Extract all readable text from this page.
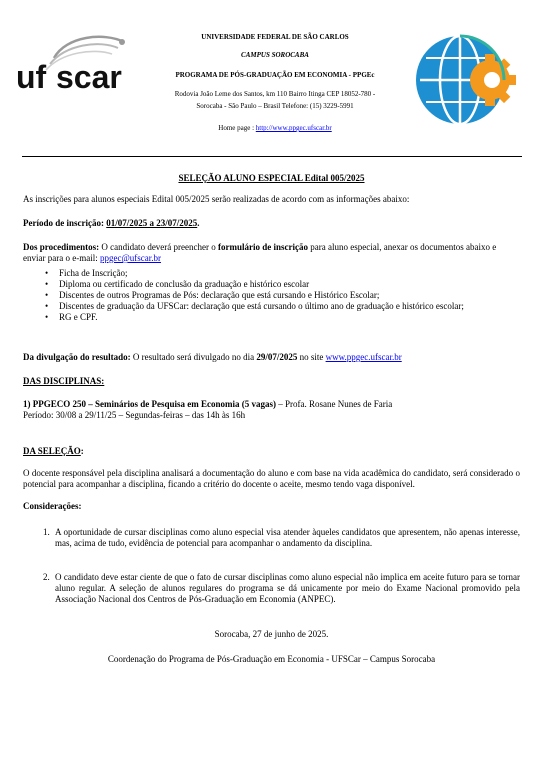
uf scar
UNIVERSIDADE FEDERAL DE SÃO CARLOS
CAMPUS SOROCABA
PROGRAMA DE PÓS-GRADUAÇÃO EM ECONOMIA - PPGEc
Rodovia João Leme dos Santos, km 110 Bairro Itinga CEP 18052-780 -
Sorocaba - São Paulo – Brasil Telefone: (15) 3229-5991
Home page : http://www.ppgec.ufscar.br
SELEÇÃO ALUNO ESPECIAL Edital 005/2025
As inscrições para alunos especiais Edital 005/2025 serão realizadas de acordo com as informações abaixo:
Período de inscrição: 01/07/2025 a 23/07/2025.
Dos procedimentos: O candidato deverá preencher o formulário de inscrição para aluno especial, anexar os documentos abaixo e enviar para o e-mail: ppgec@ufscar.br
• Ficha de Inscrição;
• Diploma ou certificado de conclusão da graduação e histórico escolar
• Discentes de outros Programas de Pós: declaração que está cursando e Histórico Escolar;
• Discentes de graduação da UFSCar: declaração que está cursando o último ano de graduação e histórico escolar;
• RG e CPF.
Da divulgação do resultado: O resultado será divulgado no dia 29/07/2025 no site www.ppgec.ufscar.br
DAS DISCIPLINAS:
1) PPGECO 250 – Seminários de Pesquisa em Economia (5 vagas) – Profa. Rosane Nunes de Faria
Período: 30/08 a 29/11/25 – Segundas-feiras – das 14h às 16h
DA SELEÇÃO:
O docente responsável pela disciplina analisará a documentação do aluno e com base na vida acadêmica do candidato, será considerado o potencial para acompanhar a disciplina, ficando a critério do docente o aceite, mesmo tendo vaga disponível.
Considerações:
1. A oportunidade de cursar disciplinas como aluno especial visa atender àqueles candidatos que apresentem, não apenas interesse, mas, acima de tudo, evidência de potencial para acompanhar o andamento da disciplina.
2. O candidato deve estar ciente de que o fato de cursar disciplinas como aluno especial não implica em aceite futuro para se tornar aluno regular. A seleção de alunos regulares do programa se dá unicamente por meio do Exame Nacional promovido pela Associação Nacional dos Centros de Pós-Graduação em Economia (ANPEC).
Sorocaba, 27 de junho de 2025.
Coordenação do Programa de Pós-Graduação em Economia - UFSCar – Campus Sorocaba
